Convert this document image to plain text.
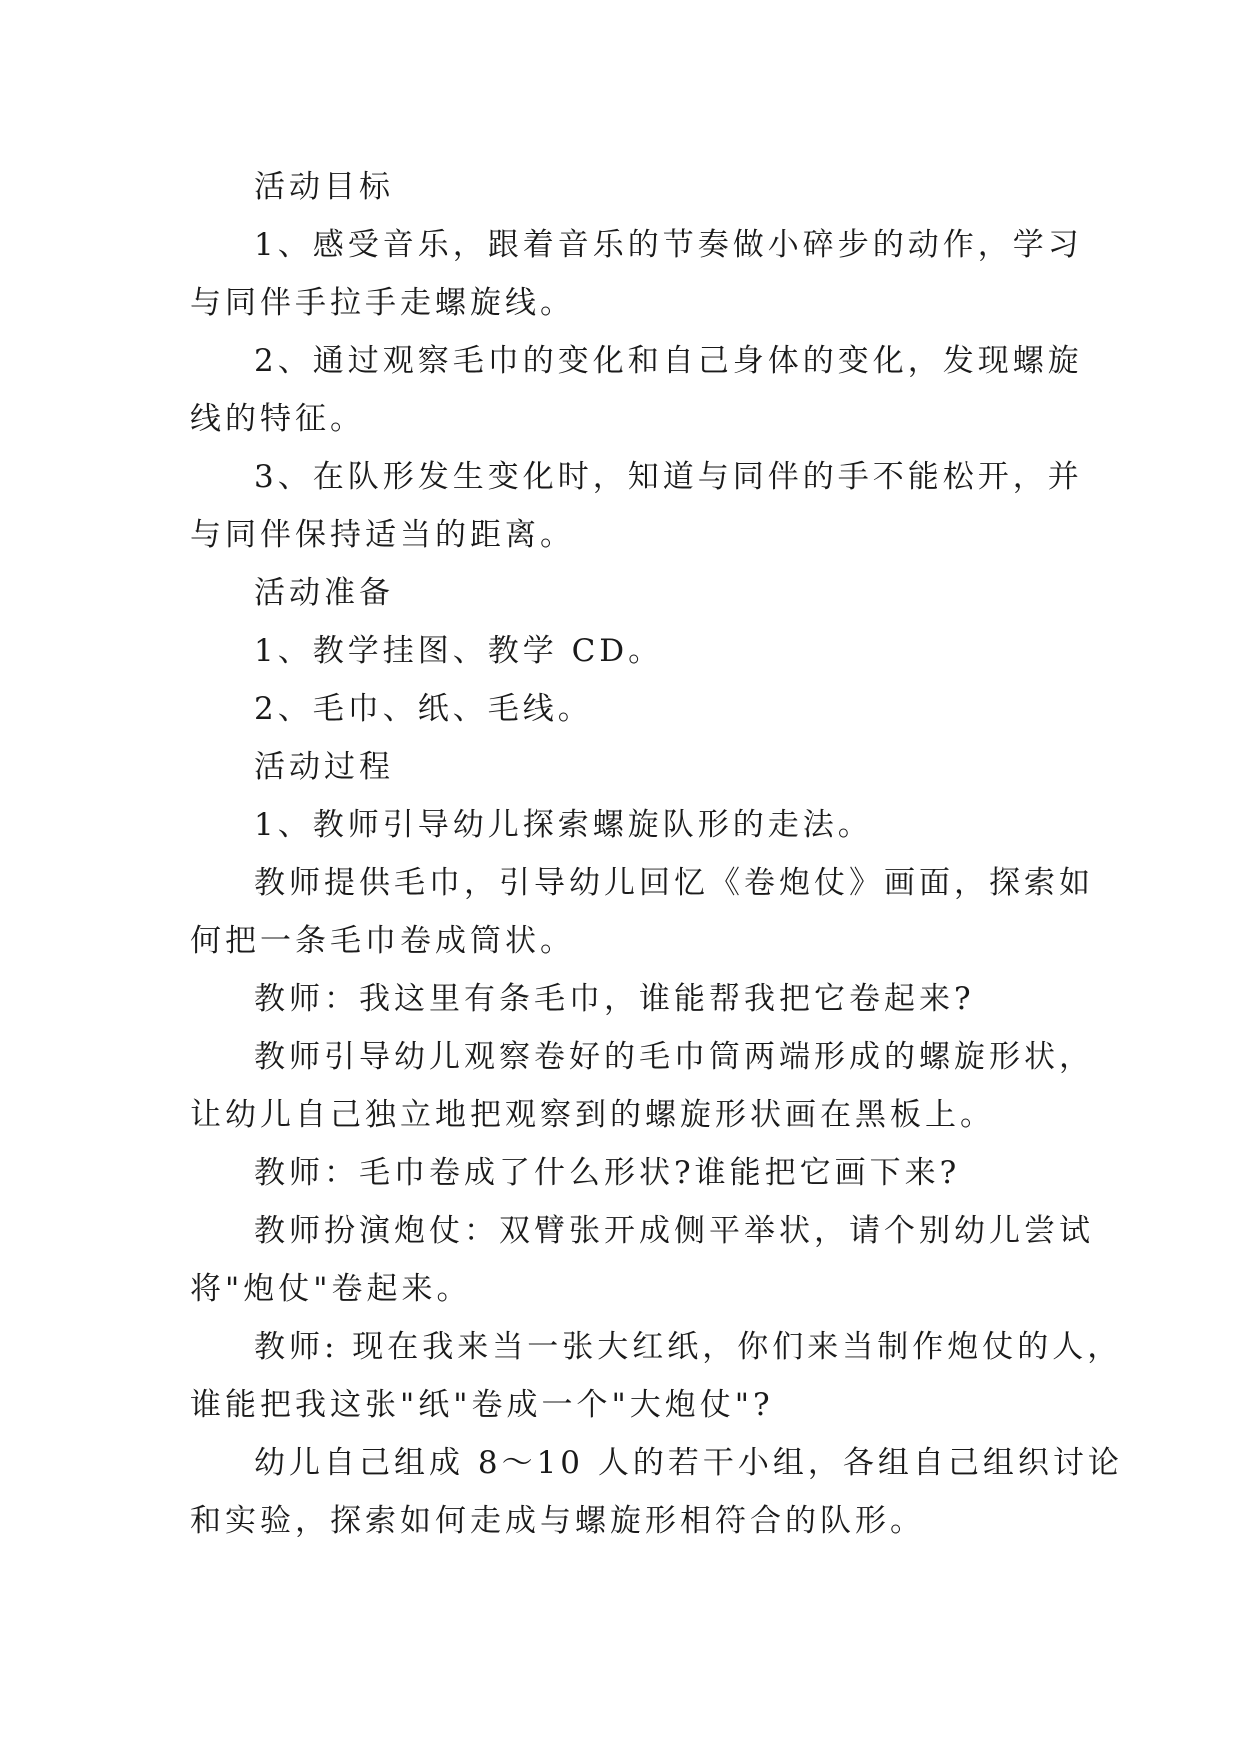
活动目标
1、感受音乐，跟着音乐的节奏做小碎步的动作，学习
与同伴手拉手走螺旋线。
2、通过观察毛巾的变化和自己身体的变化，发现螺旋
线的特征。
3、在队形发生变化时，知道与同伴的手不能松开，并
与同伴保持适当的距离。
活动准备
1、教学挂图、教学 CD。
2、毛巾、纸、毛线。
活动过程
1、教师引导幼儿探索螺旋队形的走法。
教师提供毛巾，引导幼儿回忆《卷炮仗》画面，探索如
何把一条毛巾卷成筒状。
教师：我这里有条毛巾，谁能帮我把它卷起来?
教师引导幼儿观察卷好的毛巾筒两端形成的螺旋形状，
让幼儿自己独立地把观察到的螺旋形状画在黑板上。
教师：毛巾卷成了什么形状?谁能把它画下来?
教师扮演炮仗：双臂张开成侧平举状，请个别幼儿尝试
将"炮仗"卷起来。
教师: 现在我来当一张大红纸，你们来当制作炮仗的人，
谁能把我这张"纸"卷成一个"大炮仗"?
幼儿自己组成 8～10 人的若干小组，各组自己组织讨论
和实验，探索如何走成与螺旋形相符合的队形。
